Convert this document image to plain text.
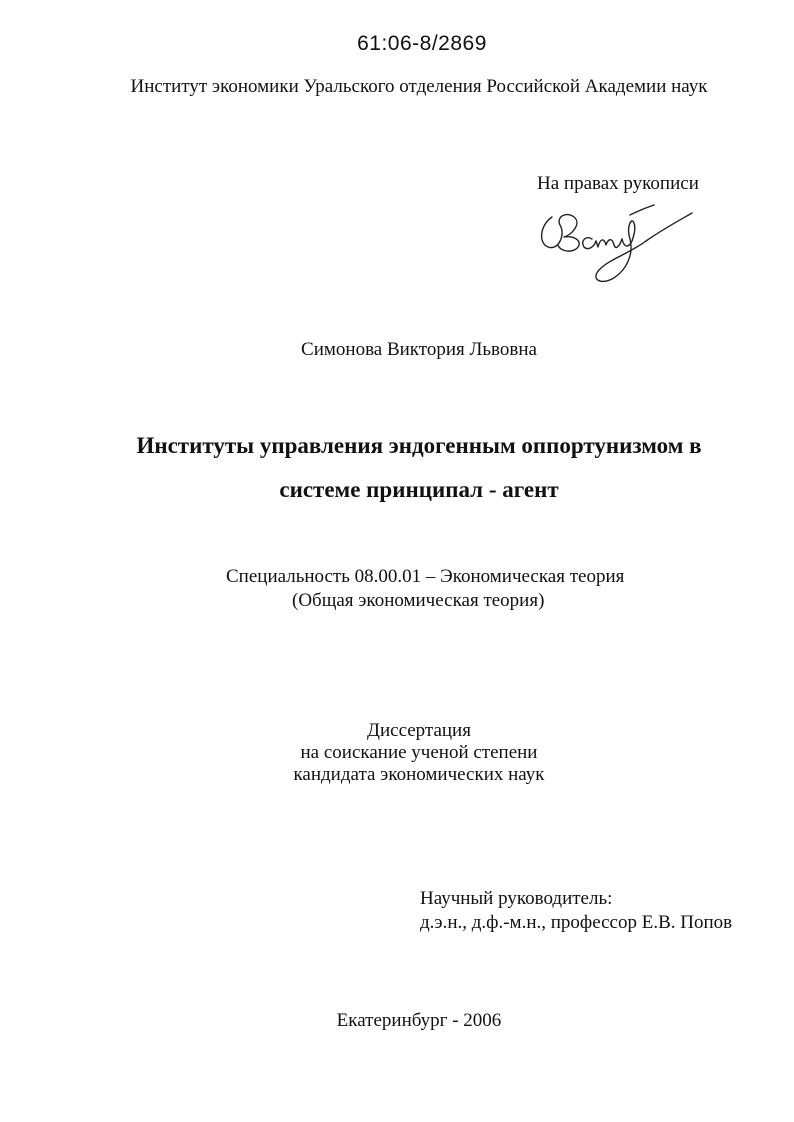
61:06-8/2869
Институт экономики Уральского отделения Российской Академии наук
На правах рукописи
Симонова Виктория Львовна
Институты управления эндогенным оппортунизмом в
системе принципал - агент
Специальность 08.00.01 – Экономическая теория
(Общая экономическая теория)
Диссертация
на соискание ученой степени
кандидата экономических наук
Научный руководитель:
д.э.н., д.ф.-м.н., профессор Е.В. Попов
Екатеринбург - 2006
